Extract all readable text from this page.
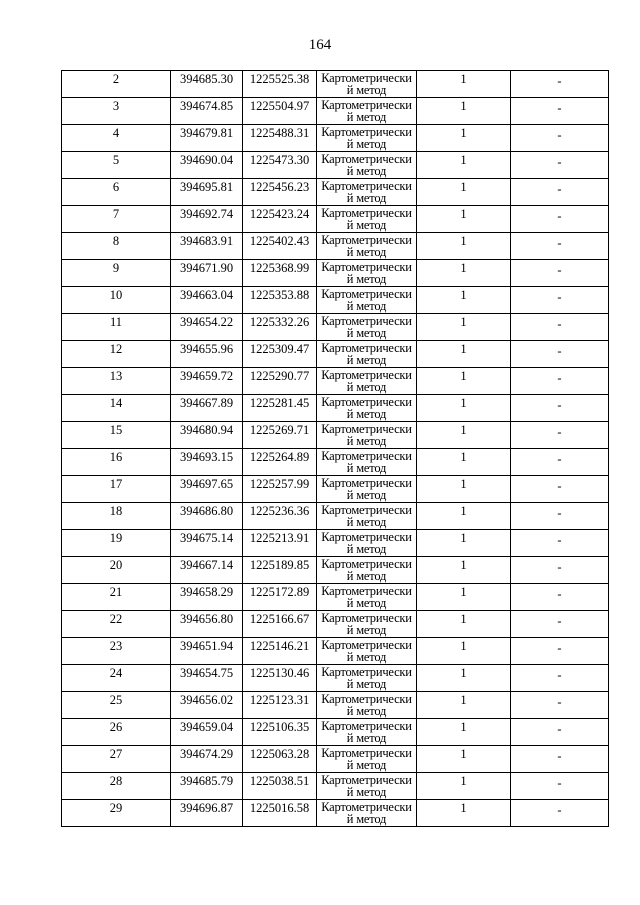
164
2	394685.30	1225525.38	Картометрически
й метод	1	-

3	394674.85	1225504.97	Картометрически
й метод	1	-

4	394679.81	1225488.31	Картометрически
й метод	1	-

5	394690.04	1225473.30	Картометрически
й метод	1	-

6	394695.81	1225456.23	Картометрически
й метод	1	-

7	394692.74	1225423.24	Картометрически
й метод	1	-

8	394683.91	1225402.43	Картометрически
й метод	1	-

9	394671.90	1225368.99	Картометрически
й метод	1	-

10	394663.04	1225353.88	Картометрически
й метод	1	-

11	394654.22	1225332.26	Картометрически
й метод	1	-

12	394655.96	1225309.47	Картометрически
й метод	1	-

13	394659.72	1225290.77	Картометрически
й метод	1	-

14	394667.89	1225281.45	Картометрически
й метод	1	-

15	394680.94	1225269.71	Картометрически
й метод	1	-

16	394693.15	1225264.89	Картометрически
й метод	1	-

17	394697.65	1225257.99	Картометрически
й метод	1	-

18	394686.80	1225236.36	Картометрически
й метод	1	-

19	394675.14	1225213.91	Картометрически
й метод	1	-

20	394667.14	1225189.85	Картометрически
й метод	1	-

21	394658.29	1225172.89	Картометрически
й метод	1	-

22	394656.80	1225166.67	Картометрически
й метод	1	-

23	394651.94	1225146.21	Картометрически
й метод	1	-

24	394654.75	1225130.46	Картометрически
й метод	1	-

25	394656.02	1225123.31	Картометрически
й метод	1	-

26	394659.04	1225106.35	Картометрически
й метод	1	-

27	394674.29	1225063.28	Картометрически
й метод	1	-

28	394685.79	1225038.51	Картометрически
й метод	1	-

29	394696.87	1225016.58	Картометрически
й метод	1	-
